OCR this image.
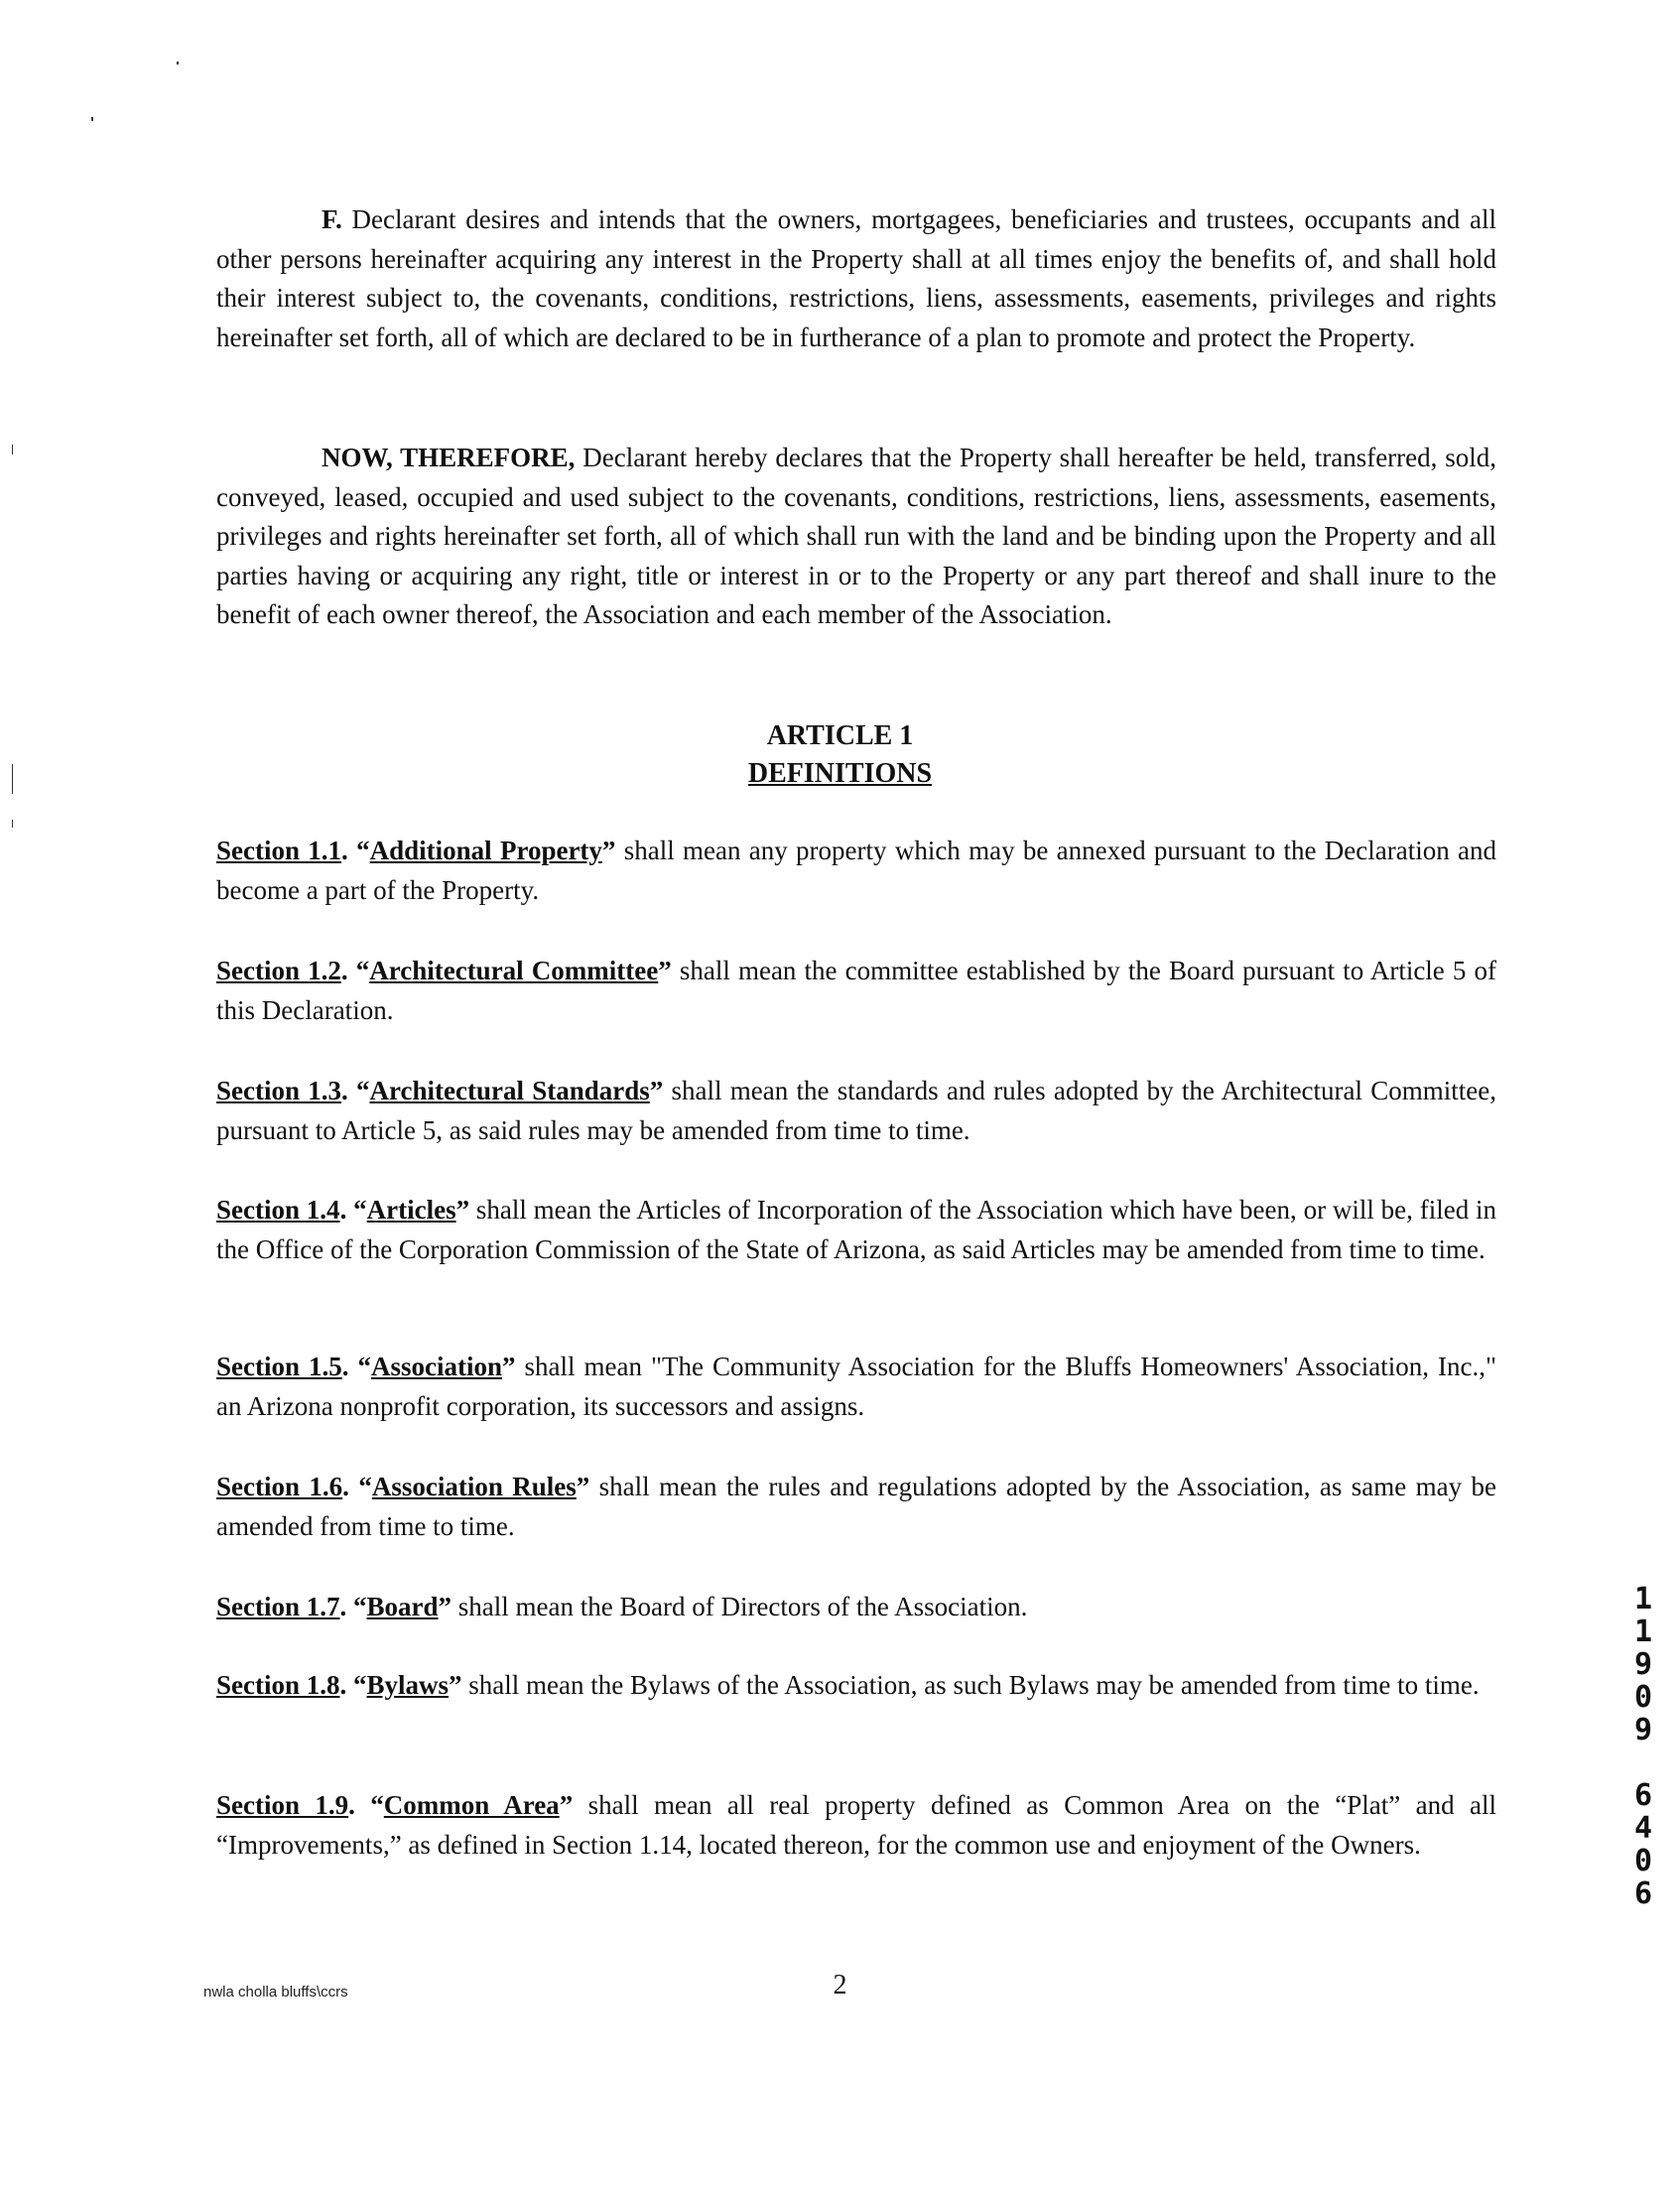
F. Declarant desires and intends that the owners, mortgagees, beneficiaries and trustees, occupants and all other persons hereinafter acquiring any interest in the Property shall at all times enjoy the benefits of, and shall hold their interest subject to, the covenants, conditions, restrictions, liens, assessments, easements, privileges and rights hereinafter set forth, all of which are declared to be in furtherance of a plan to promote and protect the Property.

NOW, THEREFORE, Declarant hereby declares that the Property shall hereafter be held, transferred, sold, conveyed, leased, occupied and used subject to the covenants, conditions, restrictions, liens, assessments, easements, privileges and rights hereinafter set forth, all of which shall run with the land and be binding upon the Property and all parties having or acquiring any right, title or interest in or to the Property or any part thereof and shall inure to the benefit of each owner thereof, the Association and each member of the Association.

ARTICLE 1
DEFINITIONS

Section 1.1. “Additional Property” shall mean any property which may be annexed pursuant to the Declaration and become a part of the Property.

Section 1.2. “Architectural Committee” shall mean the committee established by the Board pursuant to Article 5 of this Declaration.

Section 1.3. “Architectural Standards” shall mean the standards and rules adopted by the Architectural Committee, pursuant to Article 5, as said rules may be amended from time to time.

Section 1.4. “Articles” shall mean the Articles of Incorporation of the Association which have been, or will be, filed in the Office of the Corporation Commission of the State of Arizona, as said Articles may be amended from time to time.

Section 1.5. “Association” shall mean "The Community Association for the Bluffs Homeowners' Association, Inc.," an Arizona nonprofit corporation, its successors and assigns.

Section 1.6. “Association Rules” shall mean the rules and regulations adopted by the Association, as same may be amended from time to time.

Section 1.7. “Board” shall mean the Board of Directors of the Association.

Section 1.8. “Bylaws” shall mean the Bylaws of the Association, as such Bylaws may be amended from time to time.

Section 1.9. “Common Area” shall mean all real property defined as Common Area on the “Plat” and all “Improvements,” as defined in Section 1.14, located thereon, for the common use and enjoyment of the Owners.

1
1
9
0
9
6
4
0
6
nwla cholla bluffs\ccrs	2
